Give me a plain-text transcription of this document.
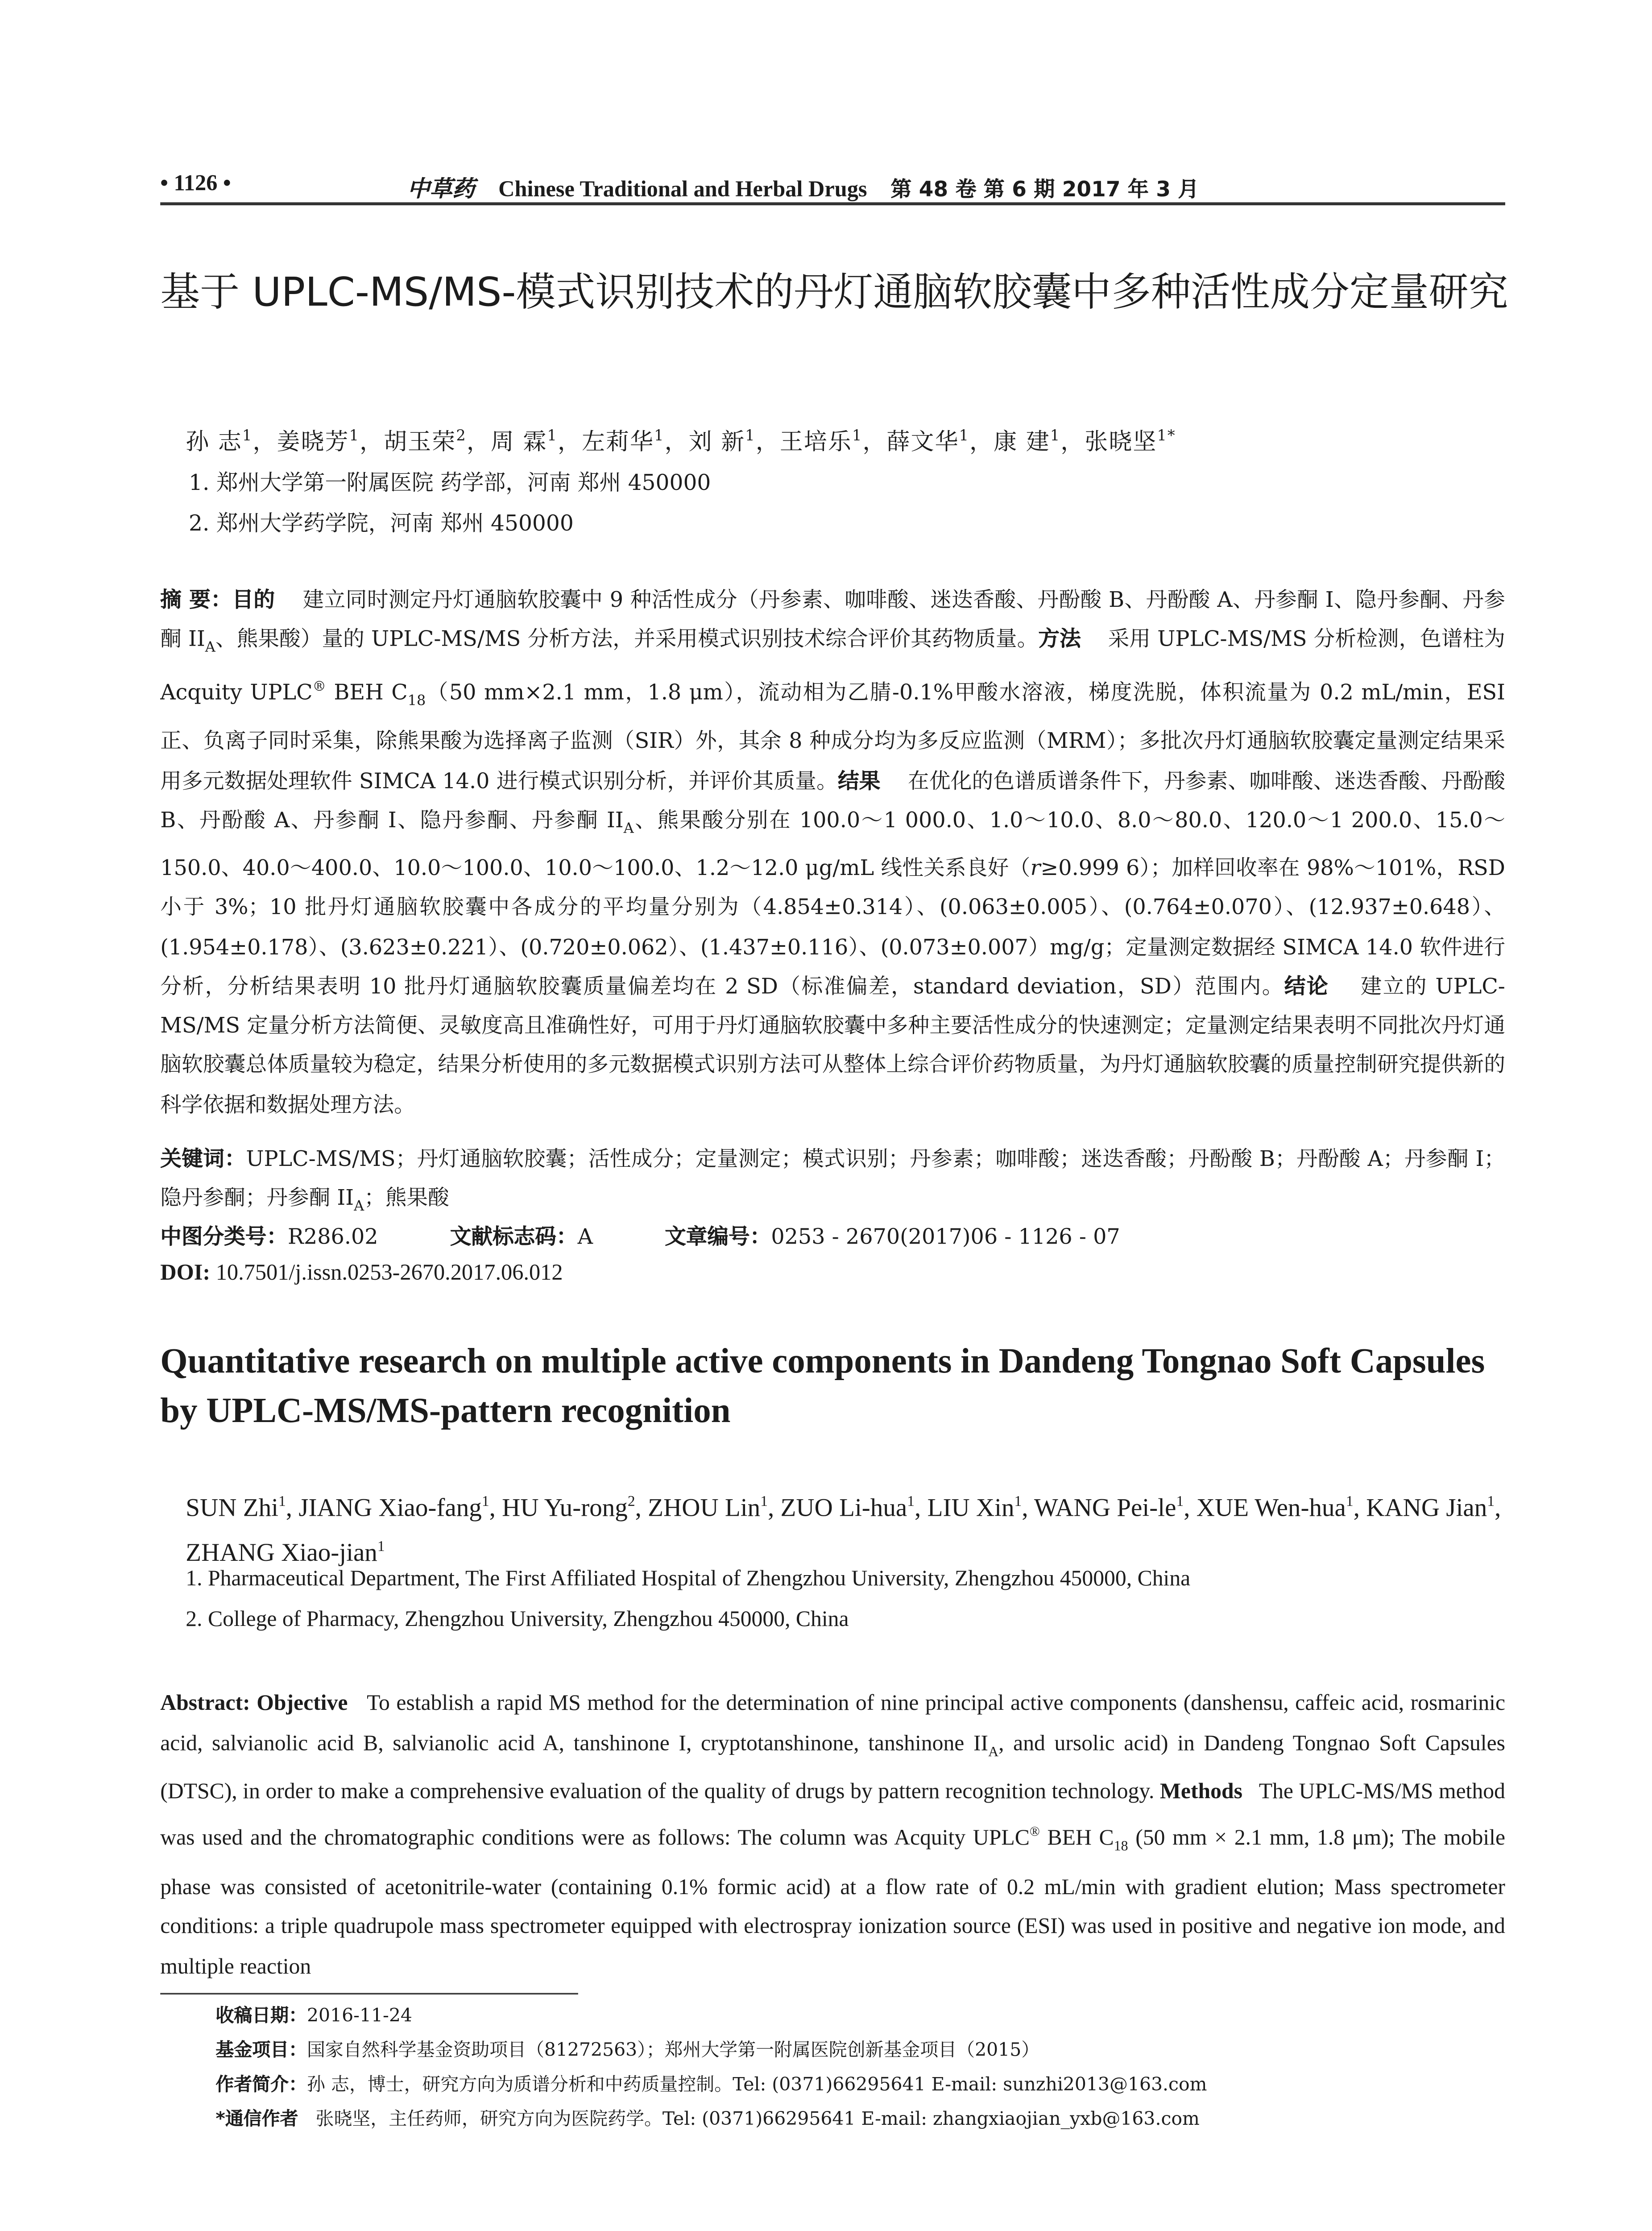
• 1126 •	中草药	Chinese Traditional and Herbal Drugs	第 48 卷 第 6 期 2017 年 3 月
基于 UPLC-MS/MS-模式识别技术的丹灯通脑软胶囊中多种活性成分定量研究
孙 志$^1$，姜晓芳$^1$，胡玉荣$^2$，周 霖$^1$，左莉华$^1$，刘 新$^1$，王培乐$^1$，薛文华$^1$，康 建$^1$，张晓坚$^{1*}$
1. 郑州大学第一附属医院 药学部，河南 郑州 450000
2. 郑州大学药学院，河南 郑州 450000
摘 要：目的	建立同时测定丹灯通脑软胶囊中 9 种活性成分（丹参素、咖啡酸、迷迭香酸、丹酚酸 B、丹酚酸 A、丹参酮 I、隐丹参酮、丹参酮 $II_A$、熊果酸）量的 UPLC-MS/MS 分析方法，并采用模式识别技术综合评价其药物质量。方法	采用 UPLC-MS/MS 分析检测，色谱柱为 Acquity UPLC® BEH $C_{18}(50$ mm×2.1 mm，1.8 μm），流动相为乙腈-0.1%甲酸水溶液，梯度洗脱，体积流量为 0.2 mL/min，ESI 正、负离子同时采集，除熊果酸为选择离子监测（SIR）外，其余 8 种成分均为多反应监测（MRM）；多批次丹灯通脑软胶囊定量测定结果采用多元数据处理软件 SIMCA 14.0 进行模式识别分析，并评价其质量。结果	在优化的色谱质谱条件下，丹参素、咖啡酸、迷迭香酸、丹酚酸 B、丹酚酸 A、丹参酮 I、隐丹参酮、丹参酮 $II_A$、熊果酸分别在 100.0～1 000.0、1.0～10.0、8.0～80.0、120.0～1 200.0、15.0～150.0、40.0～400.0、10.0～100.0、10.0～100.0、1.2～12.0 μg/mL 线性关系良好（r≥0.999 6）；加样回收率在 98%～101%，RSD 小于 3%；10 批丹灯通脑软胶囊中各成分的平均量分别为（4.854±0.314）、(0.063±0.005）、(0.764±0.070）、(12.937±0.648）、(1.954±0.178）、(3.623±0.221）、(0.720±0.062）、(1.437±0.116）、(0.073±0.007）mg/g；定量测定数据经 SIMCA 14.0 软件进行分析，分析结果表明 10 批丹灯通脑软胶囊质量偏差均在 2 SD（标准偏差，standard deviation，SD）范围内。结论	建立的 UPLC-MS/MS 定量分析方法简便、灵敏度高且准确性好，可用于丹灯通脑软胶囊中多种主要活性成分的快速测定；定量测定结果表明不同批次丹灯通脑软胶囊总体质量较为稳定，结果分析使用的多元数据模式识别方法可从整体上综合评价药物质量，为丹灯通脑软胶囊的质量控制研究提供新的科学依据和数据处理方法。
关键词：UPLC-MS/MS；丹灯通脑软胶囊；活性成分；定量测定；模式识别；丹参素；咖啡酸；迷迭香酸；丹酚酸 B；丹酚酸 A；丹参酮 I；隐丹参酮；丹参酮 $II_A$；熊果酸
中图分类号：R286.02	文献标志码：A	文章编号：0253 - 2670(2017)06 - 1126 - 07
DOI: 10.7501/j.issn.0253-2670.2017.06.012
Quantitative research on multiple active components in Dandeng Tongnao Soft Capsules by UPLC-MS/MS-pattern recognition
SUN Zhi$^1$, JIANG Xiao-fang$^1$, HU Yu-rong$^2$, ZHOU Lin$^1$, ZUO Li-hua$^1$, LIU Xin$^1$, WANG Pei-$le^1$, XUE Wen-hua$^1$, KANG Jian$^1$, ZHANG Xiao-jian$^1$
1. Pharmaceutical Department, The First Affiliated Hospital of Zhengzhou University, Zhengzhou 450000, China
2. College of Pharmacy, Zhengzhou University, Zhengzhou 450000, China
Abstract: Objective	To establish a rapid MS method for the determination of nine principal active components (danshensu, caffeic acid, rosmarinic acid, salvianolic acid B, salvianolic acid A, tanshinone I, cryptotanshinone, tanshinone $II_A$, and ursolic acid) in Dandeng Tongnao Soft Capsules (DTSC), in order to make a comprehensive evaluation of the quality of drugs by pattern recognition technology. Methods The UPLC-MS/MS method was used and the chromatographic conditions were as follows: The column was Acquity UPLC® BEH $C_{18}$ (50 mm × 2.1 mm, 1.8 μm); The mobile phase was consisted of acetonitrile-water (containing 0.1% formic acid) at a flow rate of 0.2 mL/min with gradient elution; Mass spectrometer conditions: a triple quadrupole mass spectrometer equipped with electrospray ionization source (ESI) was used in positive and negative ion mode, and multiple reaction
收稿日期：2016-11-24
基金项目：国家自然科学基金资助项目（81272563）；郑州大学第一附属医院创新基金项目（2015）
作者简介：孙 志，博士，研究方向为质谱分析和中药质量控制。Tel: (0371)66295641 E-mail: sunzhi2013@163.com
*通信作者	张晓坚，主任药师，研究方向为医院药学。Tel: (0371)66295641 E-mail: zhangxiaojian_yxb@163.com
